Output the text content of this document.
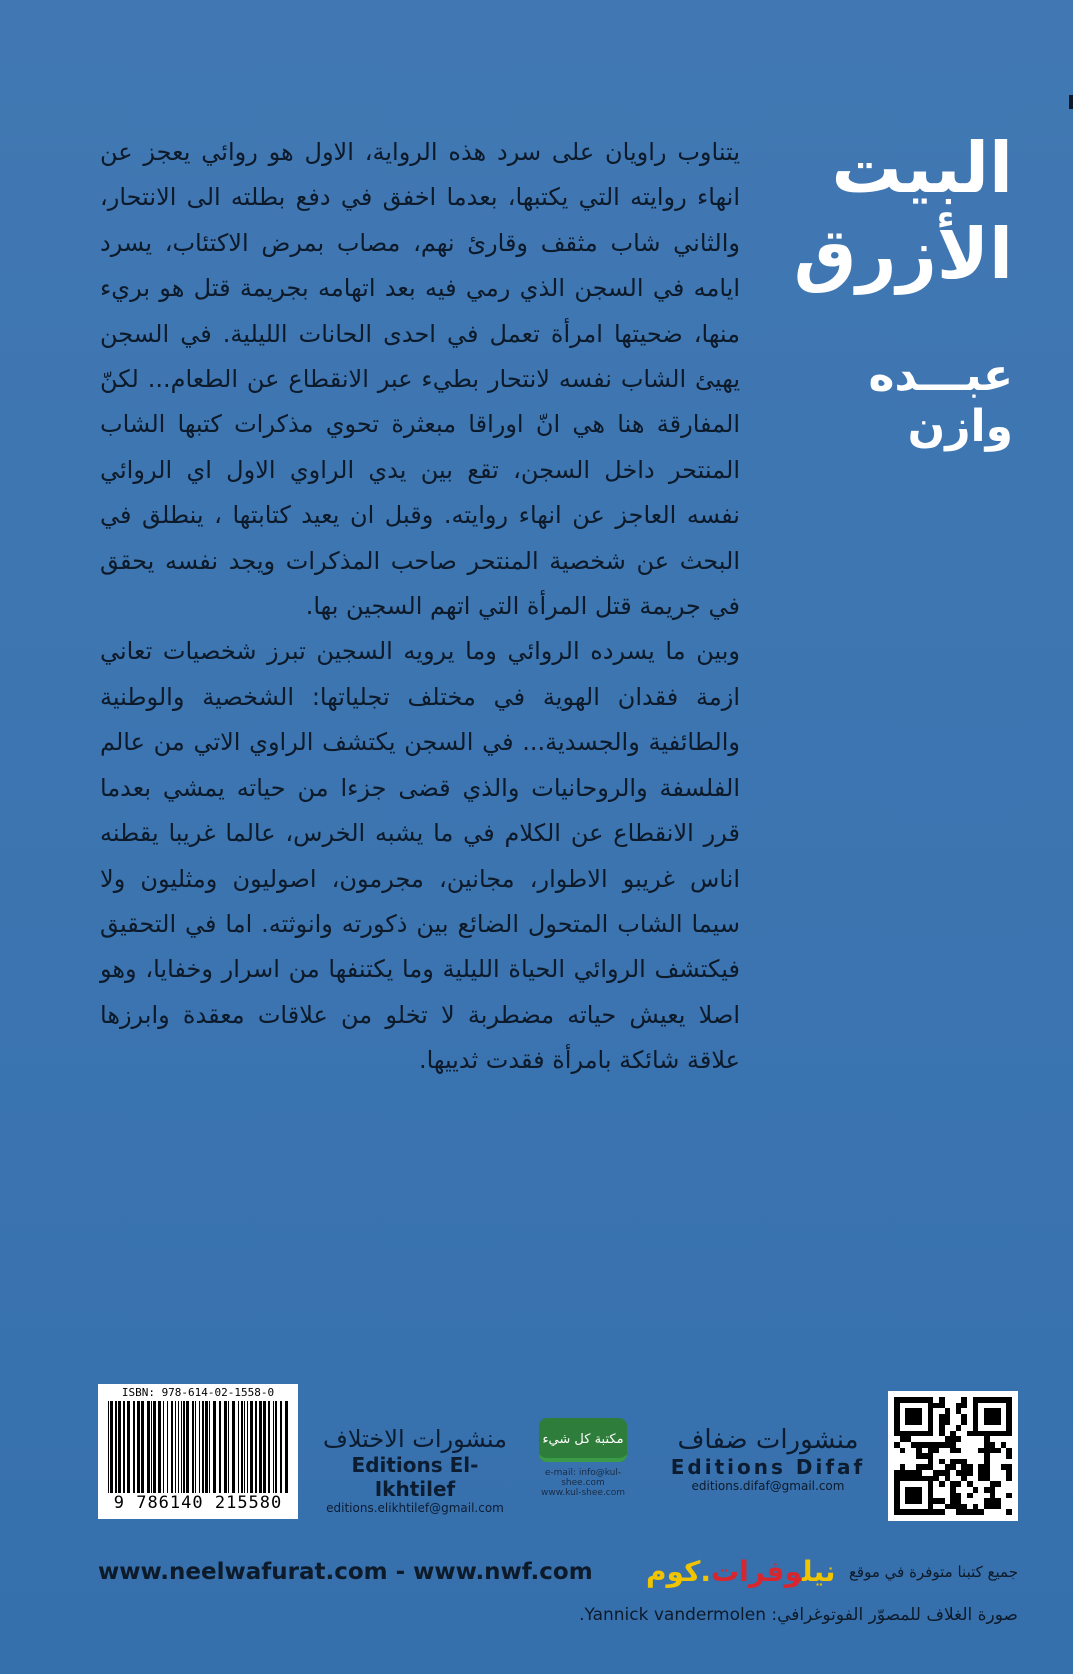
البيت
الأزرق
عبـــده وازن

يتناوب راويان على سرد هذه الرواية، الاول هو روائي يعجز عن انهاء روايته التي يكتبها، بعدما اخفق في دفع بطلته الى الانتحار، والثاني شاب مثقف وقارئ نهم، مصاب بمرض الاكتئاب، يسرد ايامه في السجن الذي رمي فيه بعد اتهامه بجريمة قتل هو بريء منها، ضحيتها امرأة تعمل في احدى الحانات الليلية. في السجن يهيئ الشاب نفسه لانتحار بطيء عبر الانقطاع عن الطعام... لكنّ المفارقة هنا هي انّ اوراقا مبعثرة تحوي مذكرات كتبها الشاب المنتحر داخل السجن، تقع بين يدي الراوي الاول اي الروائي نفسه العاجز عن انهاء روايته. وقبل ان يعيد كتابتها ، ينطلق في البحث عن شخصية المنتحر صاحب المذكرات ويجد نفسه يحقق في جريمة قتل المرأة التي اتهم السجين بها.

وبين ما يسرده الروائي وما يرويه السجين تبرز شخصيات تعاني ازمة فقدان الهوية في مختلف تجلياتها: الشخصية والوطنية والطائفية والجسدية... في السجن يكتشف الراوي الاتي من عالم الفلسفة والروحانيات والذي قضى جزءا من حياته يمشي بعدما قرر الانقطاع عن الكلام في ما يشبه الخرس، عالما غريبا يقطنه اناس غريبو الاطوار، مجانين، مجرمون، اصوليون ومثليون ولا سيما الشاب المتحول الضائع بين ذكورته وانوثته. اما في التحقيق فيكتشف الروائي الحياة الليلية وما يكتنفها من اسرار وخفايا، وهو اصلا يعيش حياته مضطربة لا تخلو من علاقات معقدة وابرزها علاقة شائكة بامرأة فقدت ثدييها.

منشورات ضفاف
Editions Difaf
editions.difaf@gmail.com
مكتبة كل شيء
e-mail: info@kul-shee.com
www.kul-shee.com
منشورات الاختلاف
Editions El-Ikhtilef
editions.elikhtilef@gmail.com
ISBN: 978-614-02-1558-0
9 786140 215580
www.neelwafurat.com - www.nwf.com	نيلوفرات.كوم	جميع كتبنا متوفرة في موقع
صورة الغلاف للمصوّر الفوتوغرافي: Yannick vandermolen.
